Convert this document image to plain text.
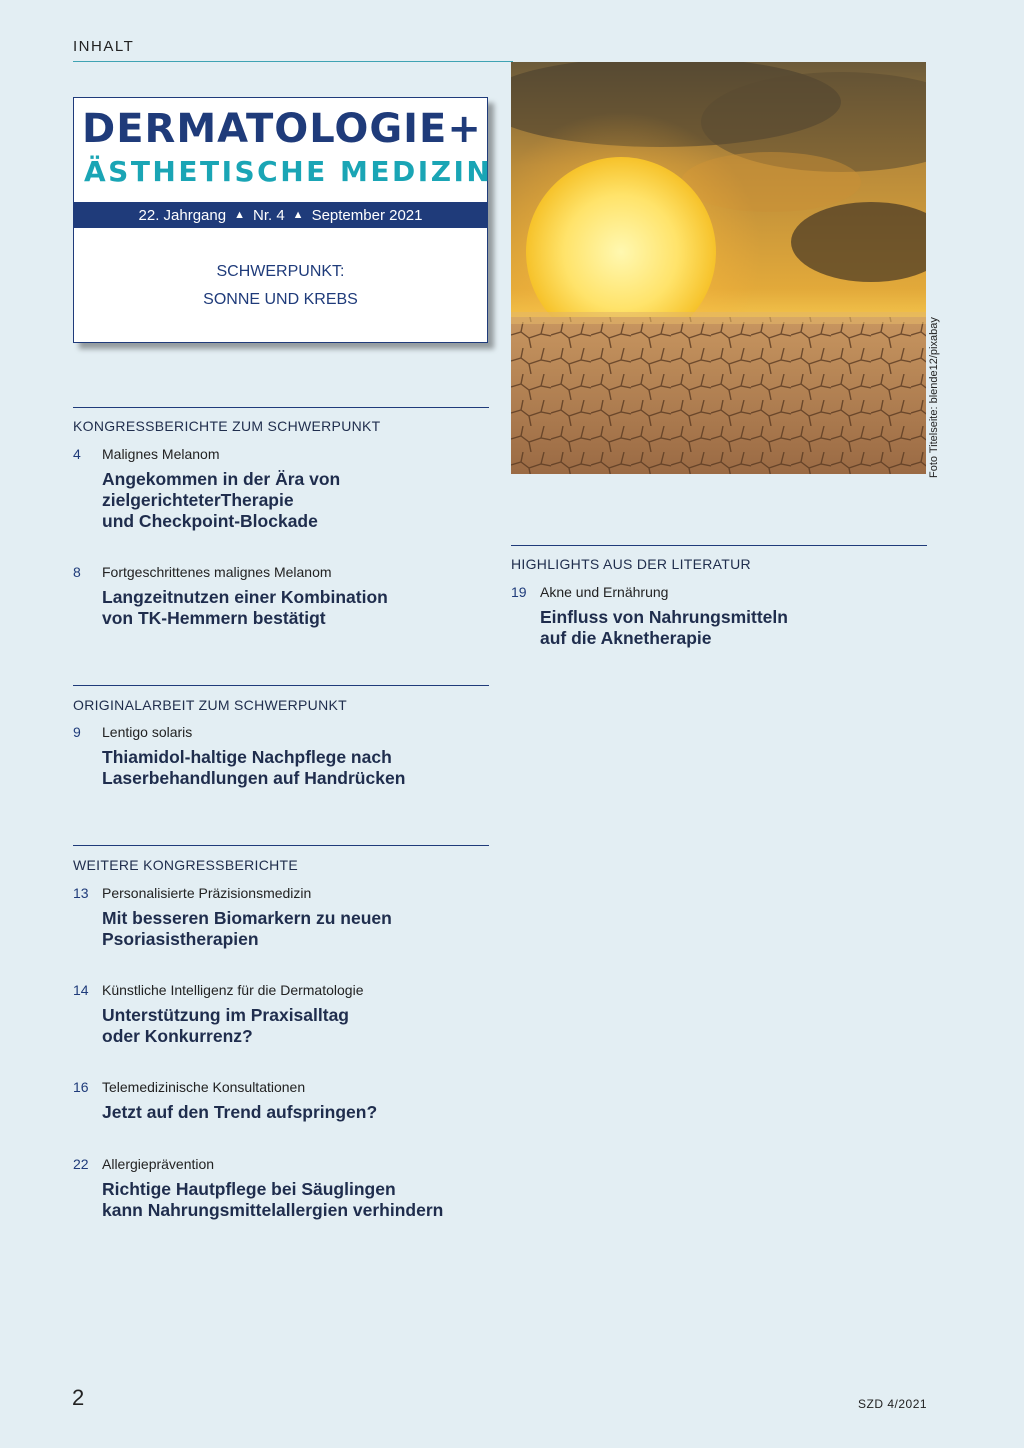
INHALT
DERMATOLOGIE+
ÄSTHETISCHE MEDIZIN
22. Jahrgang ▲ Nr. 4 ▲ September 2021
SCHWERPUNKT:
SONNE UND KREBS
Foto Titelseite: blende12/pixabay
KONGRESSBERICHTE ZUM SCHWERPUNKT
4 Malignes Melanom
Angekommen in der Ära von
zielgerichteterTherapie
und Checkpoint-Blockade
8 Fortgeschrittenes malignes Melanom
Langzeitnutzen einer Kombination
von TK-Hemmern bestätigt
ORIGINALARBEIT ZUM SCHWERPUNKT
9 Lentigo solaris
Thiamidol-haltige Nachpflege nach
Laserbehandlungen auf Handrücken
WEITERE KONGRESSBERICHTE
13 Personalisierte Präzisionsmedizin
Mit besseren Biomarkern zu neuen
Psoriasistherapien
14 Künstliche Intelligenz für die Dermatologie
Unterstützung im Praxisalltag
oder Konkurrenz?
16 Telemedizinische Konsultationen
Jetzt auf den Trend aufspringen?
22 Allergieprävention
Richtige Hautpflege bei Säuglingen
kann Nahrungsmittelallergien verhindern
HIGHLIGHTS AUS DER LITERATUR
19 Akne und Ernährung
Einfluss von Nahrungsmitteln
auf die Aknetherapie
2	SZD 4/2021
